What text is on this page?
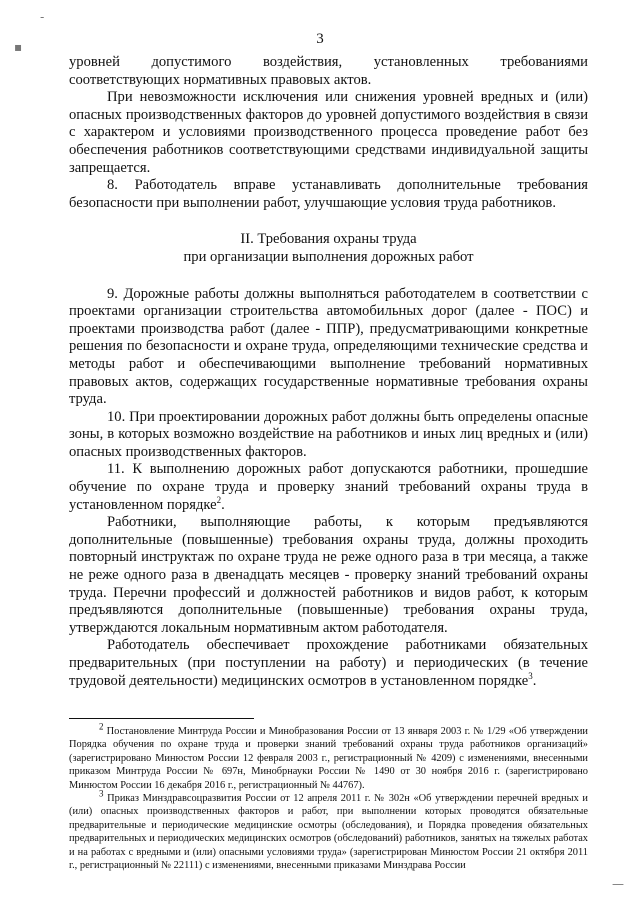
-
▪
—
3

уровней допустимого воздействия, установленных требованиями соответствующих нормативных правовых актов.

При невозможности исключения или снижения уровней вредных и (или) опасных производственных факторов до уровней допустимого воздействия в связи с характером и условиями производственного процесса проведение работ без обеспечения работников соответствующими средствами индивидуальной защиты запрещается.

8. Работодатель вправе устанавливать дополнительные требования безопасности при выполнении работ, улучшающие условия труда работников.

II. Требования охраны труда
при организации выполнения дорожных работ

9. Дорожные работы должны выполняться работодателем в соответствии с проектами организации строительства автомобильных дорог (далее - ПОС) и проектами производства работ (далее - ППР), предусматривающими конкретные решения по безопасности и охране труда, определяющими технические средства и методы работ и обеспечивающими выполнение требований нормативных правовых актов, содержащих государственные нормативные требования охраны труда.

10. При проектировании дорожных работ должны быть определены опасные зоны, в которых возможно воздействие на работников и иных лиц вредных и (или) опасных производственных факторов.

11. К выполнению дорожных работ допускаются работники, прошедшие обучение по охране труда и проверку знаний требований охраны труда в установленном порядке$^2$.

Работники, выполняющие работы, к которым предъявляются дополнительные (повышенные) требования охраны труда, должны проходить повторный инструктаж по охране труда не реже одного раза в три месяца, а также не реже одного раза в двенадцать месяцев - проверку знаний требований охраны труда. Перечни профессий и должностей работников и видов работ, к которым предъявляются дополнительные (повышенные) требования охраны труда, утверждаются локальным нормативным актом работодателя.

Работодатель обеспечивает прохождение работниками обязательных предварительных (при поступлении на работу) и периодических (в течение трудовой деятельности) медицинских осмотров в установленном порядке$^3$.

$^2$ Постановление Минтруда России и Минобразования России от 13 января 2003 г. № 1/29 «Об утверждении Порядка обучения по охране труда и проверки знаний требований охраны труда работников организаций» (зарегистрировано Минюстом России 12 февраля 2003 г., регистрационный № 4209) с изменениями, внесенными приказом Минтруда России № 697н, Минобрнауки России № 1490 от 30 ноября 2016 г. (зарегистрировано Минюстом России 16 декабря 2016 г., регистрационный № 44767).

$^3$ Приказ Минздравсоцразвития России от 12 апреля 2011 г. № 302н «Об утверждении перечней вредных и (или) опасных производственных факторов и работ, при выполнении которых проводятся обязательные предварительные и периодические медицинские осмотры (обследования), и Порядка проведения обязательных предварительных и периодических медицинских осмотров (обследований) работников, занятых на тяжелых работах и на работах с вредными и (или) опасными условиями труда» (зарегистрирован Минюстом России 21 октября 2011 г., регистрационный № 22111) с изменениями, внесенными приказами Минздрава России
